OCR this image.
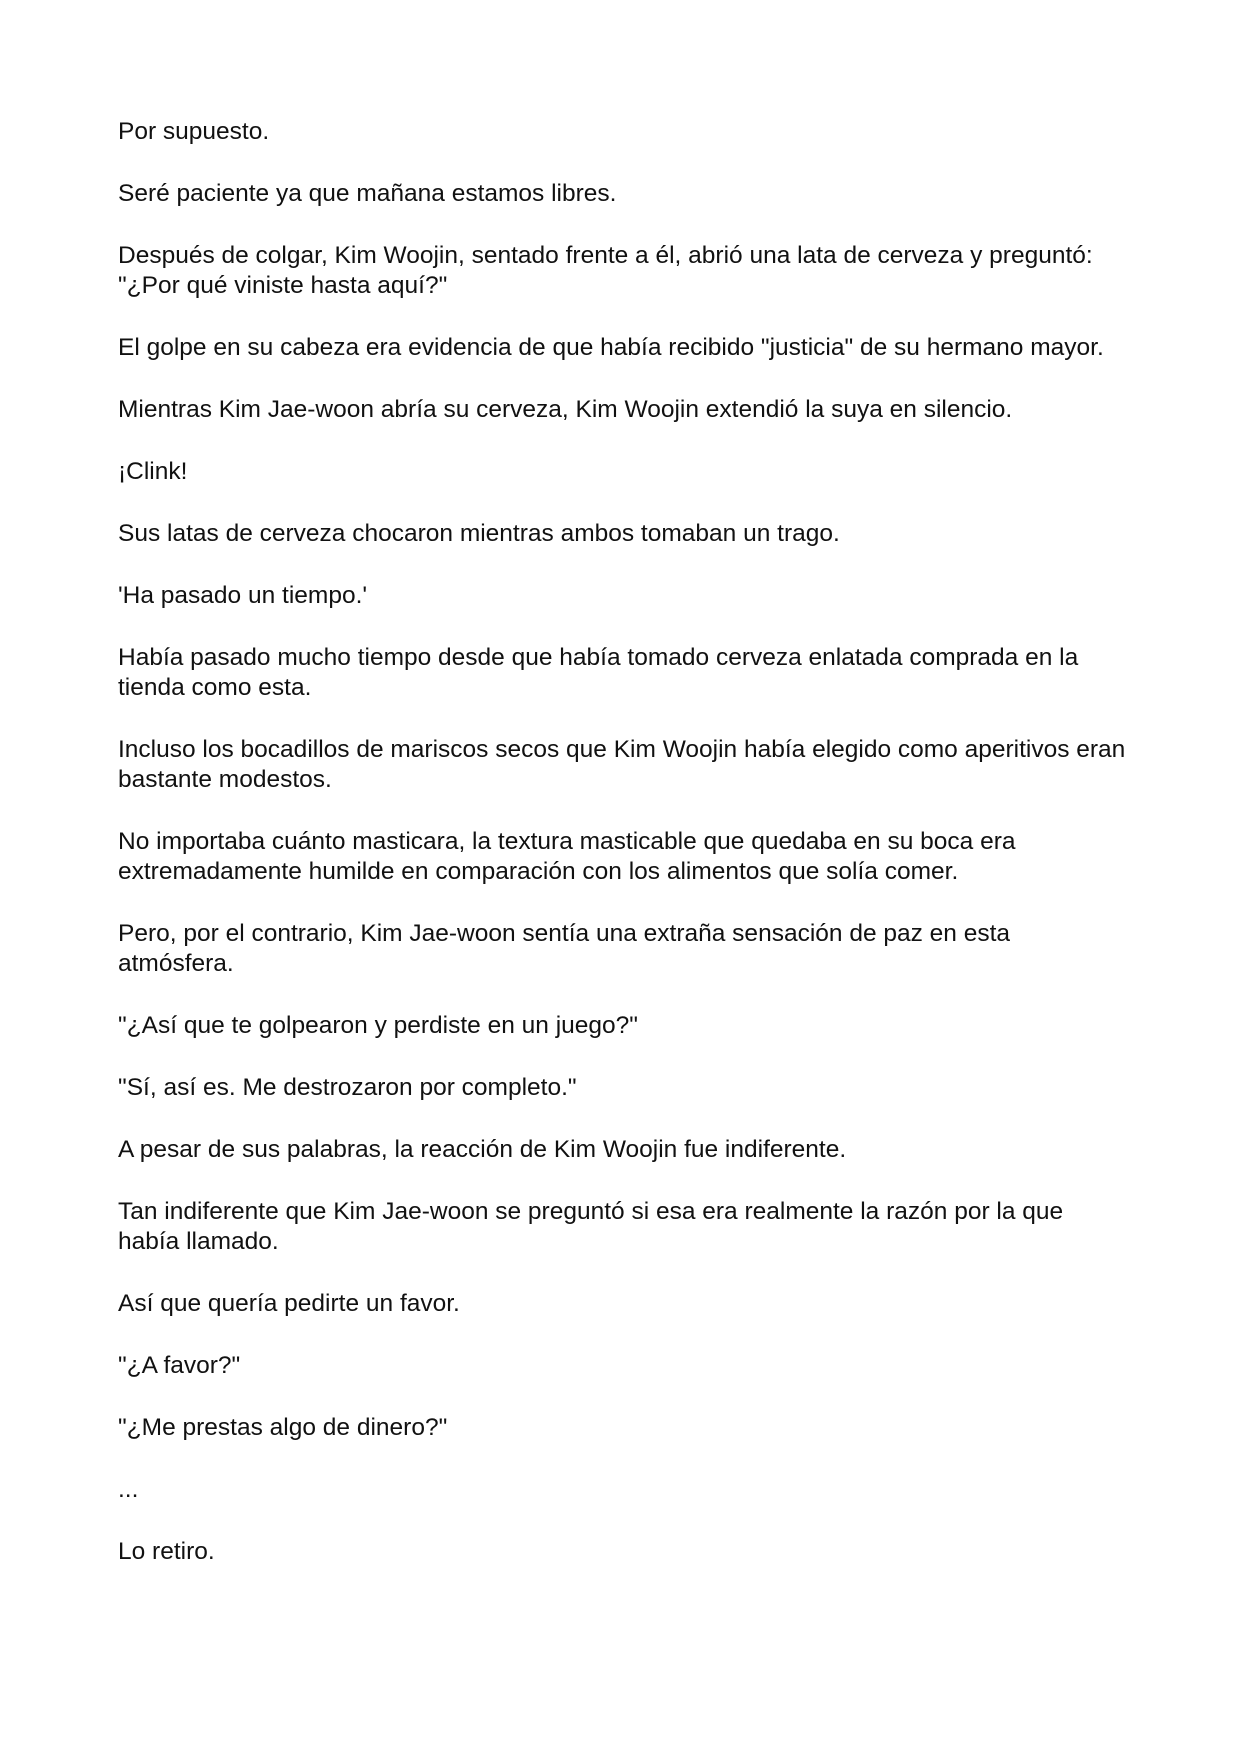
Por supuesto.

Seré paciente ya que mañana estamos libres.

Después de colgar, Kim Woojin, sentado frente a él, abrió una lata de cerveza y preguntó: "¿Por qué viniste hasta aquí?"

El golpe en su cabeza era evidencia de que había recibido "justicia" de su hermano mayor.

Mientras Kim Jae-woon abría su cerveza, Kim Woojin extendió la suya en silencio.

¡Clink!

Sus latas de cerveza chocaron mientras ambos tomaban un trago.

'Ha pasado un tiempo.'

Había pasado mucho tiempo desde que había tomado cerveza enlatada comprada en la tienda como esta.

Incluso los bocadillos de mariscos secos que Kim Woojin había elegido como aperitivos eran bastante modestos.

No importaba cuánto masticara, la textura masticable que quedaba en su boca era extremadamente humilde en comparación con los alimentos que solía comer.

Pero, por el contrario, Kim Jae-woon sentía una extraña sensación de paz en esta atmósfera.

"¿Así que te golpearon y perdiste en un juego?"

"Sí, así es. Me destrozaron por completo."

A pesar de sus palabras, la reacción de Kim Woojin fue indiferente.

Tan indiferente que Kim Jae-woon se preguntó si esa era realmente la razón por la que había llamado.

Así que quería pedirte un favor.

"¿A favor?"

"¿Me prestas algo de dinero?"

...

Lo retiro.
